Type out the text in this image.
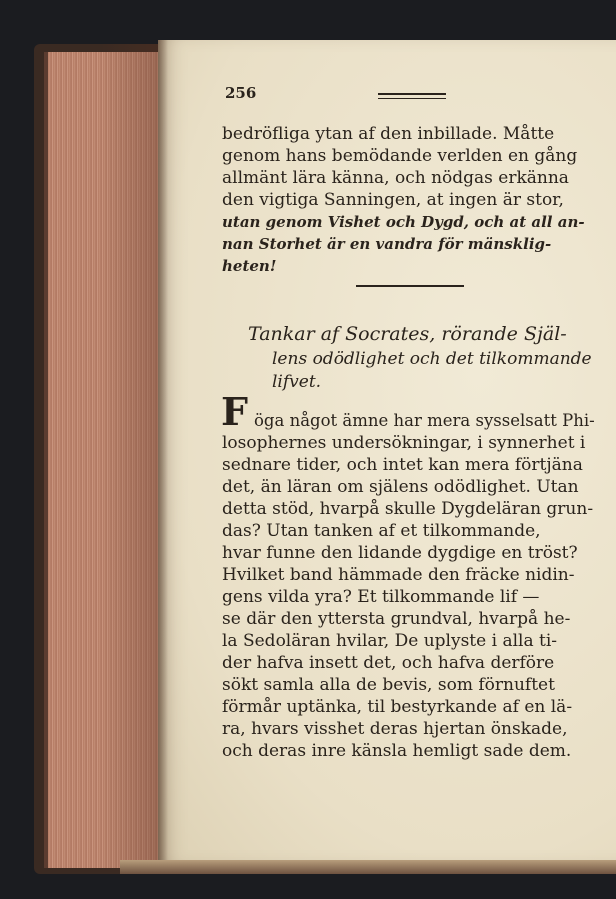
256
bedröfliga ytan af den inbillade. Måtte
genom hans bemödande verlden en gång
allmänt lära känna, och nödgas erkänna
den vigtiga Sanningen, at ingen är stor,
utan genom Vishet och Dygd, och at all an-
nan Storhet är en vandra för mänsklig-
heten!
Tankar af Socrates, rörande Själ-
lens odödlighet och det tilkommande
lifvet.
F öga något ämne har mera sysselsatt Phi-
losophernes undersökningar, i synnerhet i
sednare tider, och intet kan mera förtjäna
det, än läran om själens odödlighet. Utan
detta stöd, hvarpå skulle Dygdeläran grun-
das? Utan tanken af et tilkommande,
hvar funne den lidande dygdige en tröst?
Hvilket band hämmade den fräcke nidin-
gens vilda yra? Et tilkommande lif —
se där den yttersta grundval, hvarpå he-
la Sedoläran hvilar, De uplyste i alla ti-
der hafva insett det, och hafva derföre
sökt samla alla de bevis, som förnuftet
förmår uptänka, til bestyrkande af en lä-
ra, hvars visshet deras hjertan önskade,
och deras inre känsla hemligt sade dem.
